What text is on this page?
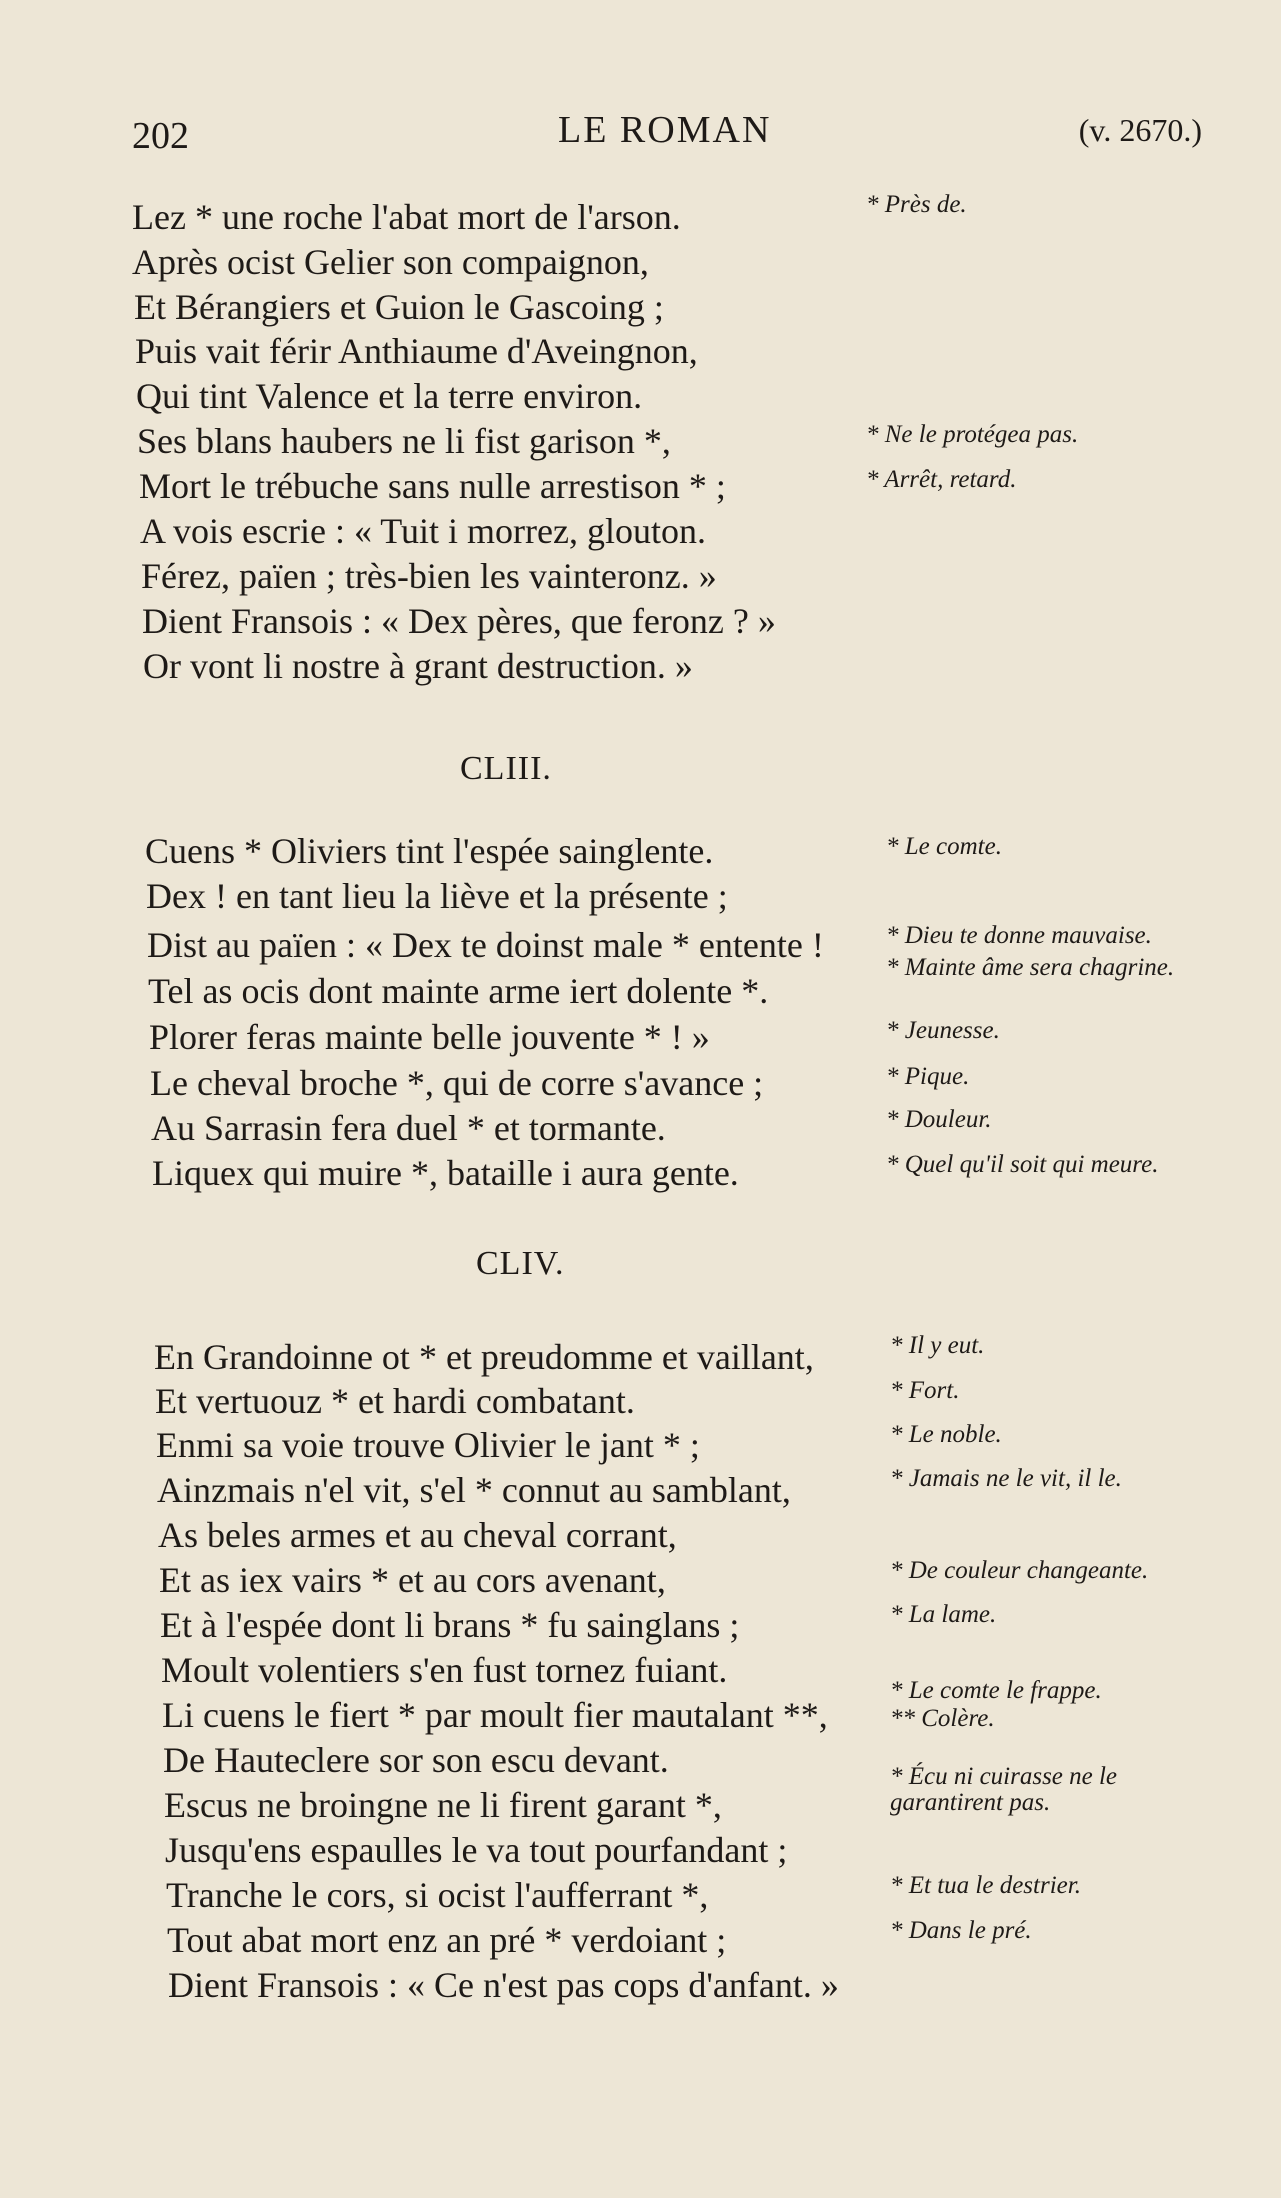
202	LE ROMAN	(v. 2670.)

Lez * une roche l'abat mort de l'arson.

Après ocist Gelier son compaignon,

Et Bérangiers et Guion le Gascoing ;

Puis vait férir Anthiaume d'Aveingnon,

Qui tint Valence et la terre environ.

Ses blans haubers ne li fist garison *,

Mort le trébuche sans nulle arrestison * ;

A vois escrie : « Tuit i morrez, glouton.

Férez, païen ; très-bien les vainteronz. »

Dient Fransois : « Dex pères, que feronz ? »

Or vont li nostre à grant destruction. »

* Près de.

* Ne le protégea pas.

* Arrêt, retard.

CLIII.

Cuens * Oliviers tint l'espée sainglente.

Dex ! en tant lieu la liève et la présente ;

Dist au païen : « Dex te doinst male * entente !

Tel as ocis dont mainte arme iert dolente *.

Plorer feras mainte belle jouvente * ! »

Le cheval broche *, qui de corre s'avance ;

Au Sarrasin fera duel * et tormante.

Liquex qui muire *, bataille i aura gente.

* Le comte.

* Dieu te donne mauvaise.

* Mainte âme sera chagrine.

* Jeunesse.

* Pique.

* Douleur.

* Quel qu'il soit qui meure.

CLIV.

En Grandoinne ot * et preudomme et vaillant,

Et vertuouz * et hardi combatant.

Enmi sa voie trouve Olivier le jant * ;

Ainzmais n'el vit, s'el * connut au samblant,

As beles armes et au cheval corrant,

Et as iex vairs * et au cors avenant,

Et à l'espée dont li brans * fu sainglans ;

Moult volentiers s'en fust tornez fuiant.

Li cuens le fiert * par moult fier mautalant **,

De Hauteclere sor son escu devant.

Escus ne broingne ne li firent garant *,

Jusqu'ens espaulles le va tout pourfandant ;

Tranche le cors, si ocist l'aufferrant *,

Tout abat mort enz an pré * verdoiant ;

Dient Fransois : « Ce n'est pas cops d'anfant. »

* Il y eut.

* Fort.

* Le noble.

* Jamais ne le vit, il le.

* De couleur changeante.

* La lame.

* Le comte le frappe.

** Colère.

* Écu ni cuirasse ne le garantirent pas.

* Et tua le destrier.

* Dans le pré.
